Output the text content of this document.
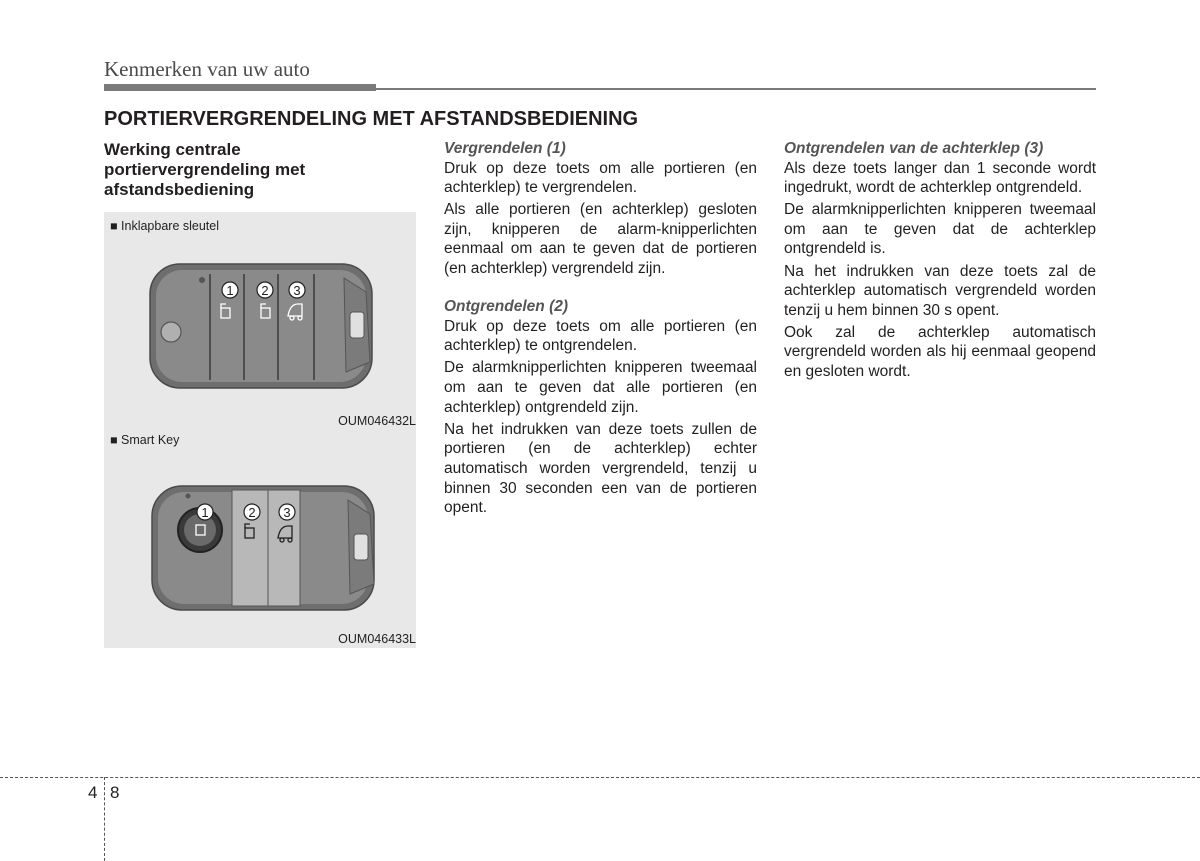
Kenmerken van uw auto
PORTIERVERGRENDELING MET AFSTANDSBEDIENING
Werking centrale portiervergrendeling met afstandsbediening
■ Inklapbare sleutel
1 2 3
OUM046432L
■ Smart Key
1	2 3
OUM046433L

Vergrendelen (1)

Druk op deze toets om alle portieren (en achterklep) te vergrendelen.

Als alle portieren (en achterklep) gesloten zijn, knipperen de alarm-knipperlichten eenmaal om aan te geven dat de portieren (en achterklep) vergrendeld zijn.

Ontgrendelen (2)

Druk op deze toets om alle portieren (en achterklep) te ontgrendelen.

De alarmknipperlichten knipperen tweemaal om aan te geven dat alle portieren (en achterklep) ontgrendeld zijn.

Na het indrukken van deze toets zullen de portieren (en de achterklep) echter automatisch worden vergrendeld, tenzij u binnen 30 seconden een van de portieren opent.

Ontgrendelen van de achterklep (3)

Als deze toets langer dan 1 seconde wordt ingedrukt, wordt de achterklep ontgrendeld.

De alarmknipperlichten knipperen tweemaal om aan te geven dat de achterklep ontgrendeld is.

Na het indrukken van deze toets zal de achterklep automatisch vergrendeld worden tenzij u hem binnen 30 s opent.

Ook zal de achterklep automatisch vergrendeld worden als hij eenmaal geopend en gesloten wordt.

4 8
